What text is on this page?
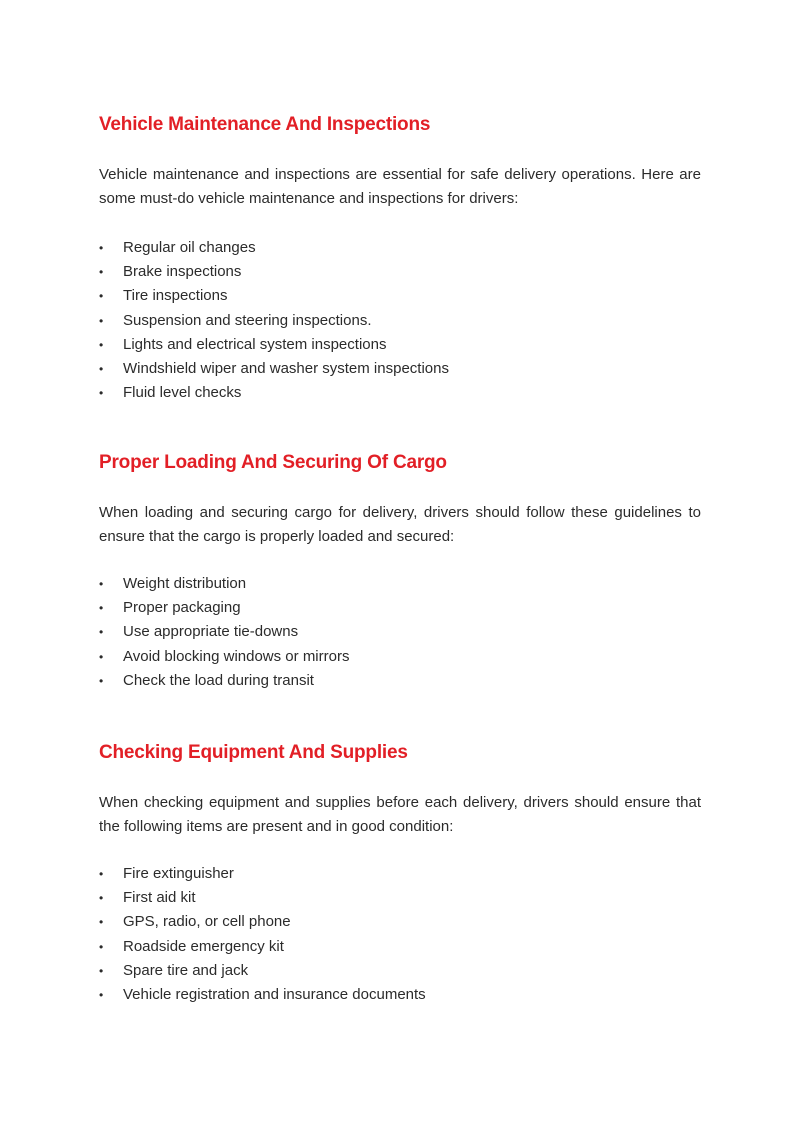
Vehicle Maintenance And Inspections

Vehicle maintenance and inspections are essential for safe delivery operations. Here are some must-do vehicle maintenance and inspections for drivers:

• Regular oil changes
• Brake inspections
• Tire inspections
• Suspension and steering inspections.
• Lights and electrical system inspections
• Windshield wiper and washer system inspections
• Fluid level checks
Proper Loading And Securing Of Cargo

When loading and securing cargo for delivery, drivers should follow these guidelines to ensure that the cargo is properly loaded and secured:

• Weight distribution
• Proper packaging
• Use appropriate tie-downs
• Avoid blocking windows or mirrors
• Check the load during transit
Checking Equipment And Supplies

When checking equipment and supplies before each delivery, drivers should ensure that the following items are present and in good condition:

• Fire extinguisher
• First aid kit
• GPS, radio, or cell phone
• Roadside emergency kit
• Spare tire and jack
• Vehicle registration and insurance documents
